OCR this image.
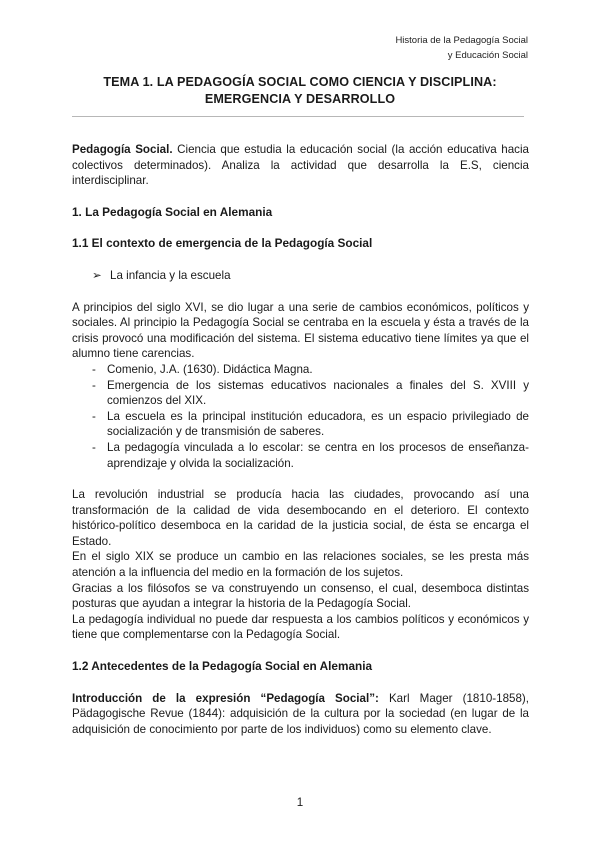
Historia de la Pedagogía Social
y Educación Social
TEMA 1. LA PEDAGOGÍA SOCIAL COMO CIENCIA Y DISCIPLINA:
EMERGENCIA Y DESARROLLO

Pedagogía Social. Ciencia que estudia la educación social (la acción educativa hacia colectivos determinados). Analiza la actividad que desarrolla la E.S, ciencia interdisciplinar.

1. La Pedagogía Social en Alemania
1.1 El contexto de emergencia de la Pedagogía Social
➢ La infancia y la escuela

A principios del siglo XVI, se dio lugar a una serie de cambios económicos, políticos y sociales. Al principio la Pedagogía Social se centraba en la escuela y ésta a través de la crisis provocó una modificación del sistema. El sistema educativo tiene límites ya que el alumno tiene carencias.

- Comenio, J.A. (1630). Didáctica Magna.
- Emergencia de los sistemas educativos nacionales a finales del S. XVIII y comienzos del XIX.
- La escuela es la principal institución educadora, es un espacio privilegiado de socialización y de transmisión de saberes.
- La pedagogía vinculada a lo escolar: se centra en los procesos de enseñanza-aprendizaje y olvida la socialización.

La revolución industrial se producía hacia las ciudades, provocando así una transformación de la calidad de vida desembocando en el deterioro. El contexto histórico-político desemboca en la caridad de la justicia social, de ésta se encarga el Estado.

En el siglo XIX se produce un cambio en las relaciones sociales, se les presta más atención a la influencia del medio en la formación de los sujetos.

Gracias a los filósofos se va construyendo un consenso, el cual, desemboca distintas posturas que ayudan a integrar la historia de la Pedagogía Social.

La pedagogía individual no puede dar respuesta a los cambios políticos y económicos y tiene que complementarse con la Pedagogía Social.

1.2 Antecedentes de la Pedagogía Social en Alemania

Introducción de la expresión “Pedagogía Social”: Karl Mager (1810-1858), Pädagogische Revue (1844): adquisición de la cultura por la sociedad (en lugar de la adquisición de conocimiento por parte de los individuos) como su elemento clave.

1
